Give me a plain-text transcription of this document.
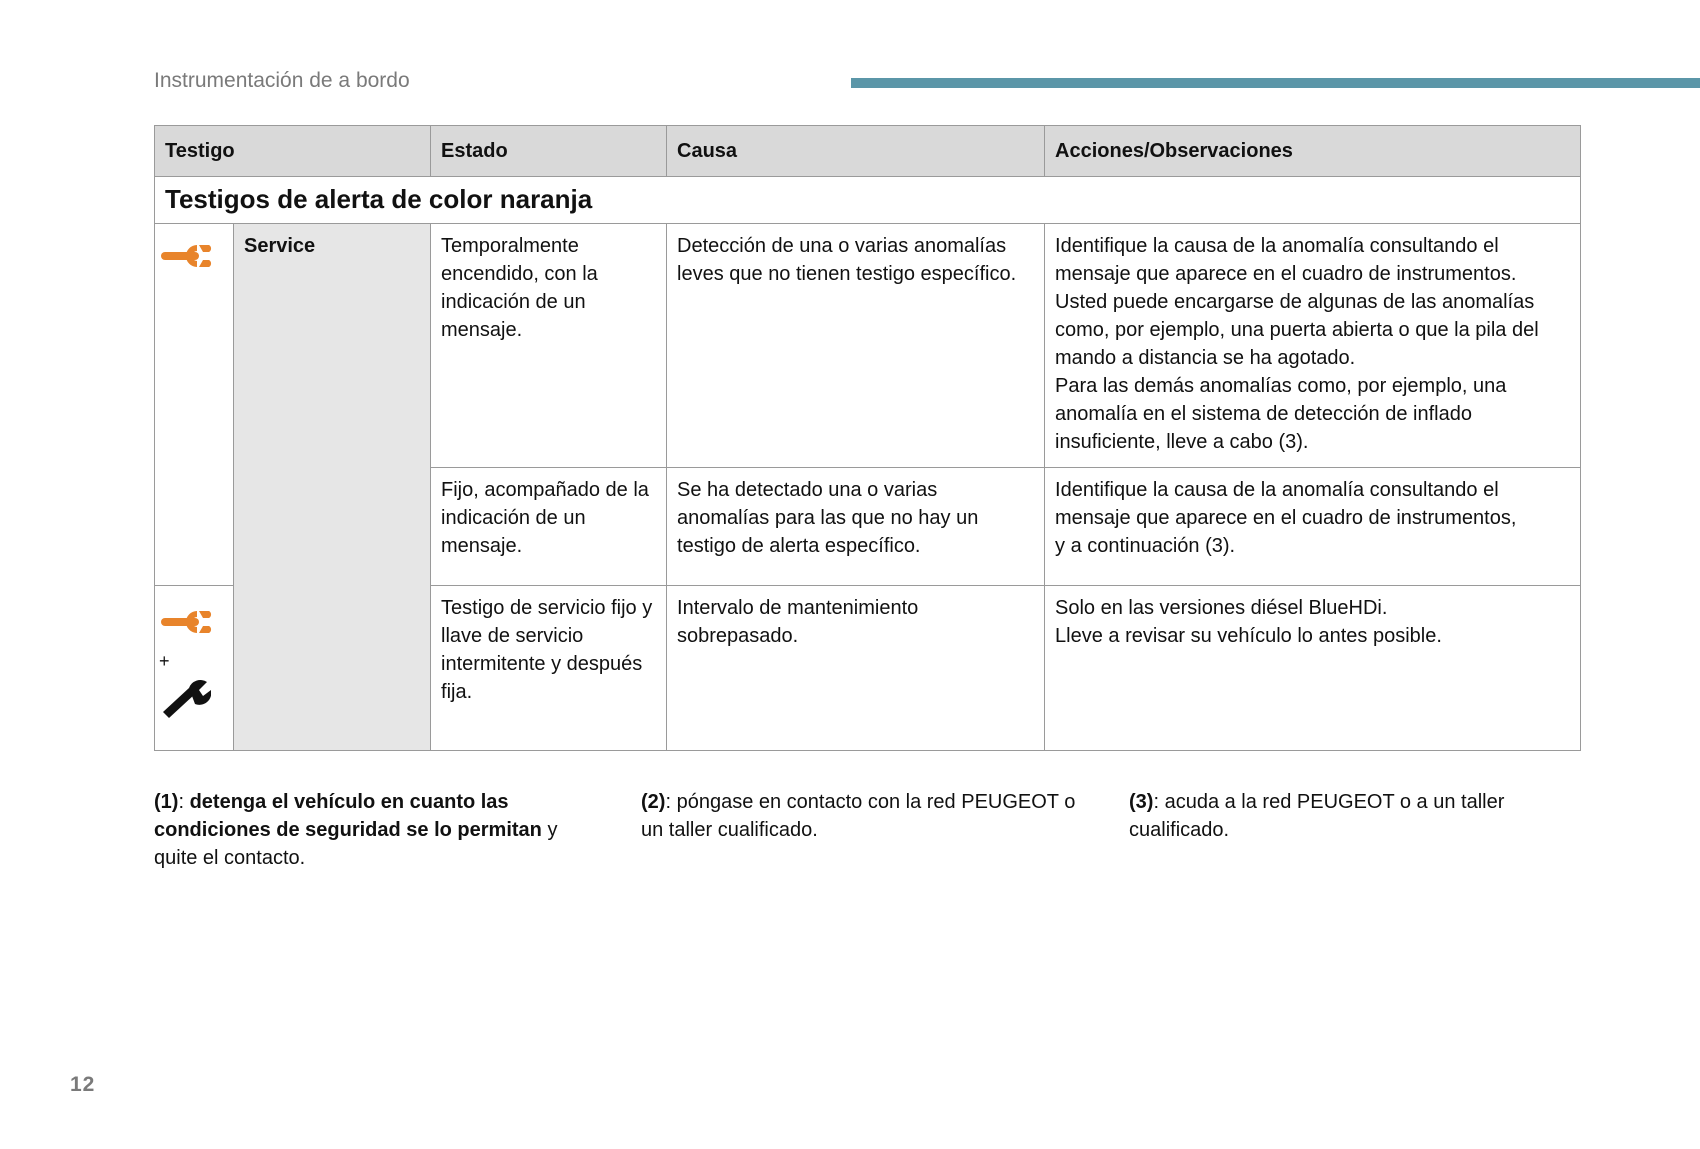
Instrumentación de a bordo
Testigo		Estado	Causa	Acciones/Observaciones
Testigos de alerta de color naranja				
	Service	Temporalmente encendido, con la indicación de un mensaje.	Detección de una o varias anomalías leves que no tienen testigo específico.	Identifique la causa de la anomalía consultando el mensaje que aparece en el cuadro de instrumentos.
Usted puede encargarse de algunas de las anomalías como, por ejemplo, una puerta abierta o que la pila del mando a distancia se ha agotado.
Para las demás anomalías como, por ejemplo, una anomalía en el sistema de detección de inflado insuficiente, lleve a cabo (3).

		Fijo, acompañado de la indicación de un mensaje.	Se ha detectado una o varias anomalías para las que no hay un testigo de alerta específico.	Identifique la causa de la anomalía consultando el mensaje que aparece en el cuadro de instrumentos,
y a continuación (3).

+		Testigo de servicio fijo y llave de servicio intermitente y después fija.	Intervalo de mantenimiento sobrepasado.	Solo en las versiones diésel BlueHDi.
Lleve a revisar su vehículo lo antes posible.
(1): detenga el vehículo en cuanto las condiciones de seguridad se lo permitan y quite el contacto.
(2): póngase en contacto con la red PEUGEOT o un taller cualificado.
(3): acuda a la red PEUGEOT o a un taller cualificado.
12
